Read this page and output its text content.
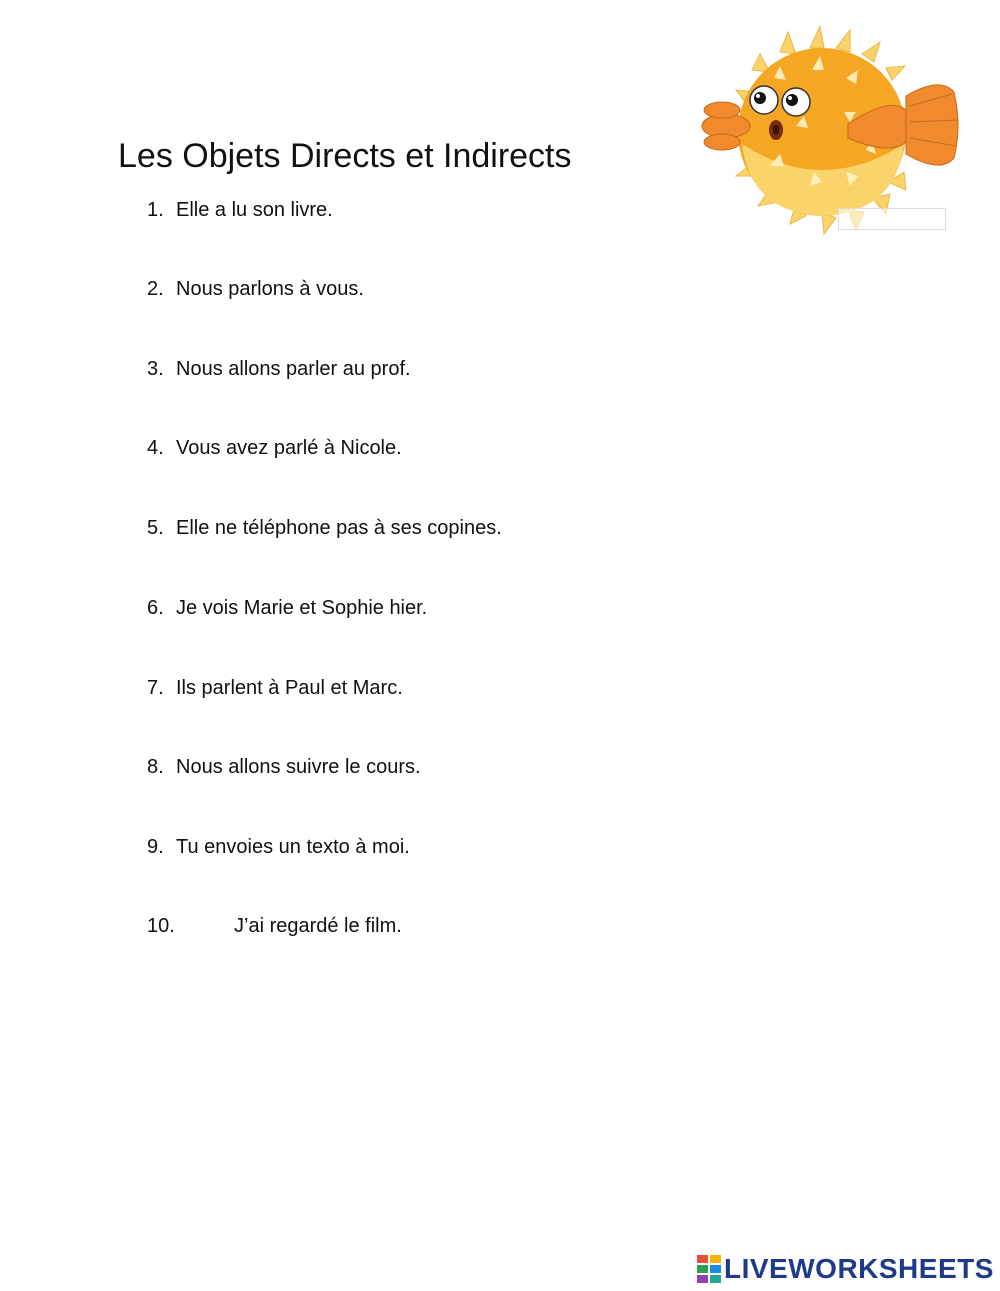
Les Objets Directs et Indirects
1. Elle a lu son livre.
2. Nous parlons à vous.
3. Nous allons parler au prof.
4. Vous avez parlé à Nicole.
5. Elle ne téléphone pas à ses copines.
6. Je vois Marie et Sophie hier.
7. Ils parlent à Paul et Marc.
8. Nous allons suivre le cours.
9. Tu envoies un texto à moi.
10.	J’ai regardé le film.
LIVEWORKSHEETS
